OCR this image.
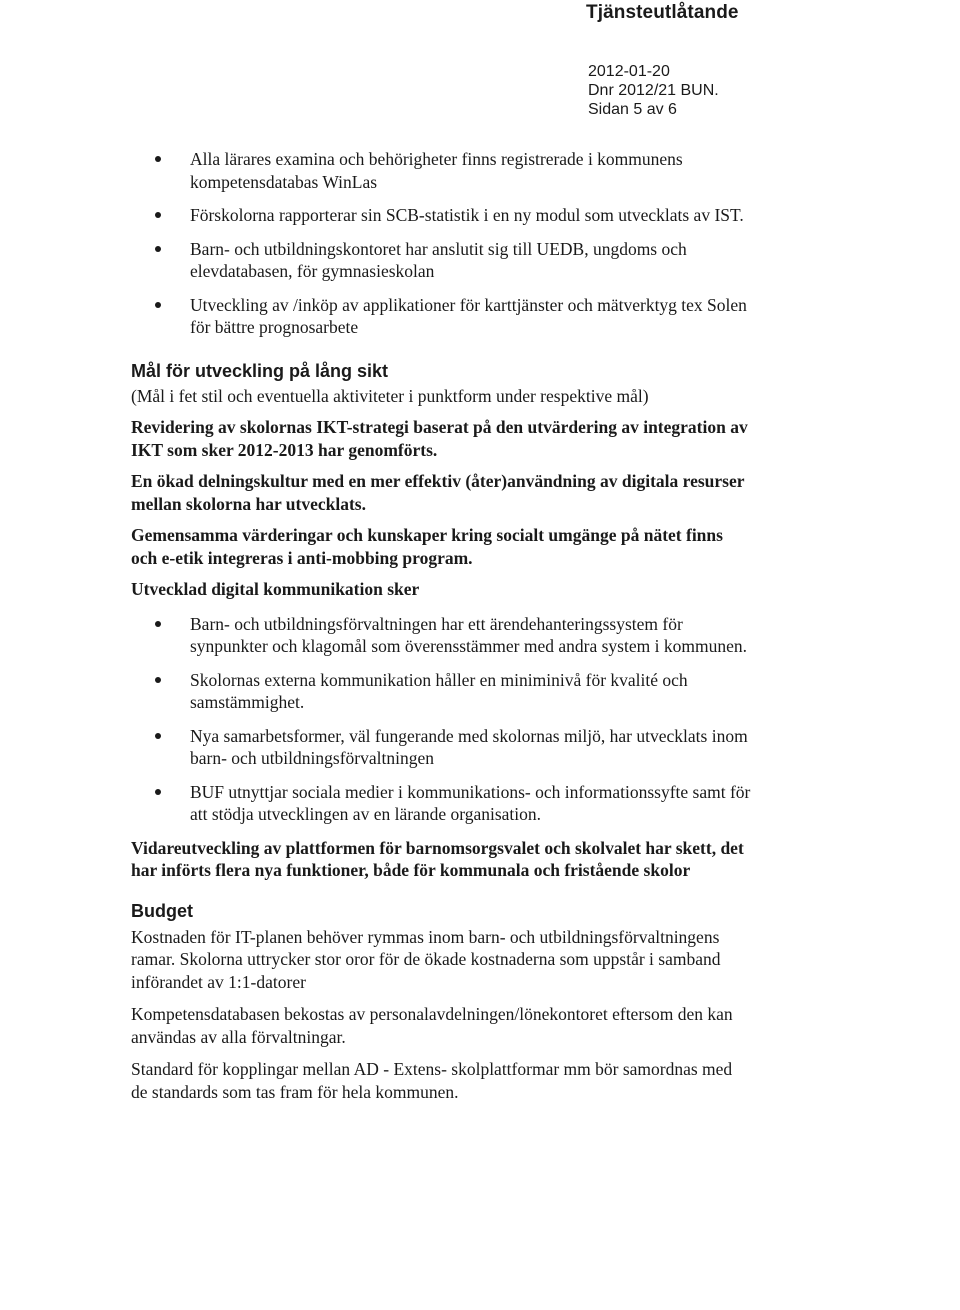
Tjänsteutlåtande
2012-01-20
Dnr 2012/21 BUN.
Sidan 5 av 6
Alla lärares examina och behörigheter finns registrerade i kommunens kompetensdatabas WinLas
Förskolorna rapporterar sin SCB-statistik i en ny modul som utvecklats av IST.
Barn- och utbildningskontoret har anslutit sig till UEDB, ungdoms och elevdatabasen, för gymnasieskolan
Utveckling av /inköp av applikationer för karttjänster och mätverktyg tex Solen för bättre prognosarbete
Mål för utveckling på lång sikt

(Mål i fet stil och eventuella aktiviteter i punktform under respektive mål)

Revidering av skolornas IKT-strategi baserat på den utvärdering av integration av IKT som sker 2012-2013 har genomförts.

En ökad delningskultur med en mer effektiv (åter)användning av digitala resurser mellan skolorna har utvecklats.

Gemensamma värderingar och kunskaper kring socialt umgänge på nätet finns och e-etik integreras i anti-mobbing program.

Utvecklad digital kommunikation sker

Barn- och utbildningsförvaltningen har ett ärendehanteringssystem för synpunkter och klagomål som överensstämmer med andra system i kommunen.
Skolornas externa kommunikation håller en miniminivå för kvalité och samstämmighet.
Nya samarbetsformer, väl fungerande med skolornas miljö, har utvecklats inom barn- och utbildningsförvaltningen
BUF utnyttjar sociala medier i kommunikations- och informationssyfte samt för att stödja utvecklingen av en lärande organisation.

Vidareutveckling av plattformen för barnomsorgsvalet och skolvalet har skett, det har införts flera nya funktioner, både för kommunala och fristående skolor

Budget

Kostnaden för IT-planen behöver rymmas inom barn- och utbildningsförvaltningens ramar. Skolorna uttrycker stor oror för de ökade kostnaderna som uppstår i samband införandet av 1:1-datorer

Kompetensdatabasen bekostas av personalavdelningen/lönekontoret eftersom den kan användas av alla förvaltningar.

Standard för kopplingar mellan AD - Extens- skolplattformar mm bör samordnas med de standards som tas fram för hela kommunen.
